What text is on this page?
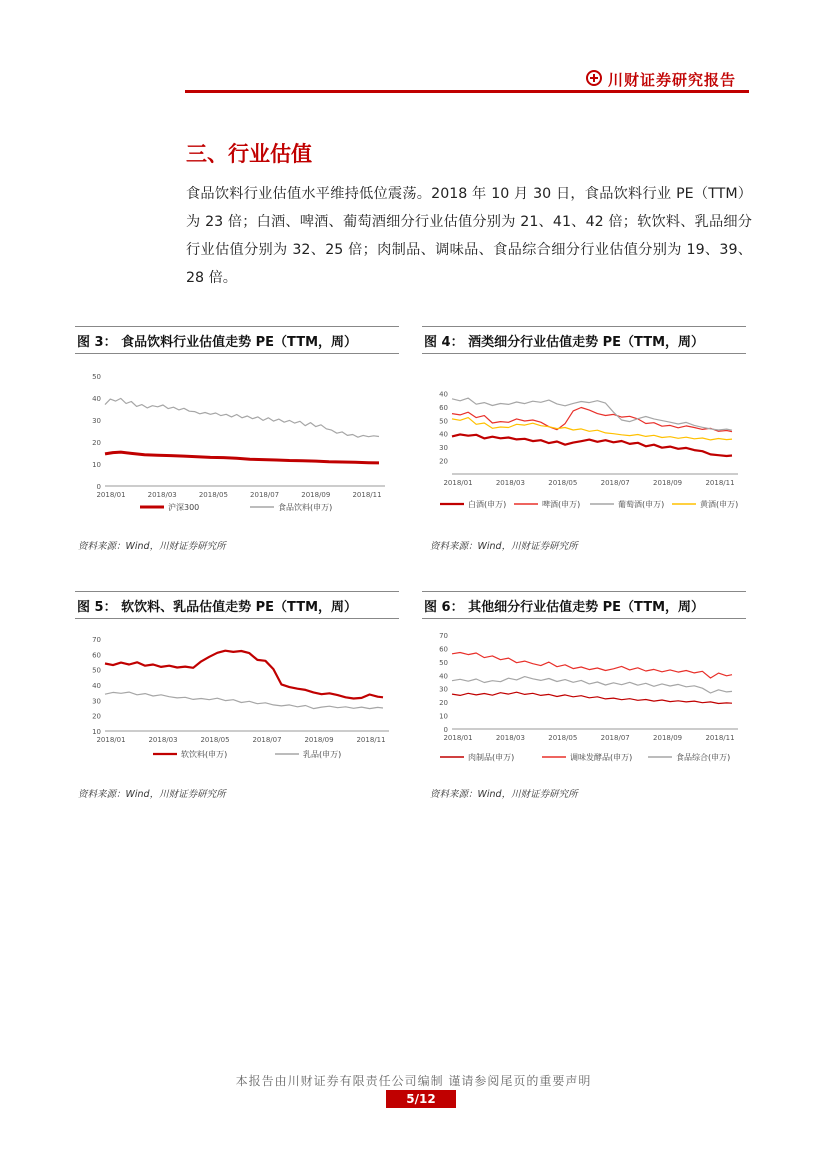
川财证券研究报告
三、行业估值
食品饮料行业估值水平维持低位震荡。2018 年 10 月 30 日，食品饮料行业 PE（TTM）为 23 倍；白酒、啤酒、葡萄酒细分行业估值分别为 21、41、42 倍；软饮料、乳品细分行业估值分别为 32、25 倍；肉制品、调味品、食品综合细分行业估值分别为 19、39、28 倍。
图 3： 食品饮料行业估值走势 PE（TTM，周）
0
10
20
30
40
50
2018/01	2018/03	2018/05	2018/07	2018/09	2018/11
沪深300	食品饮料(申万)
资料来源：Wind，川财证券研究所
图 4： 酒类细分行业估值走势 PE（TTM，周）
20
30
40
50
60
40
2018/01	2018/03	2018/05	2018/07	2018/09	2018/11
白酒(申万)	啤酒(申万)	葡萄酒(申万)	黄酒(申万)
资料来源：Wind，川财证券研究所
图 5： 软饮料、乳品估值走势 PE（TTM，周）
10
20
30
40
50
60
70
2018/01	2018/03	2018/05	2018/07	2018/09	2018/11
软饮料(申万)	乳品(申万)
资料来源：Wind，川财证券研究所
图 6： 其他细分行业估值走势 PE（TTM，周）
0
10
20
30
40
50
60
70
2018/01	2018/03	2018/05	2018/07	2018/09	2018/11
肉制品(申万)	调味发酵品(申万)	食品综合(申万)
资料来源：Wind，川财证券研究所
本报告由川财证券有限责任公司编制 谨请参阅尾页的重要声明
5/12
